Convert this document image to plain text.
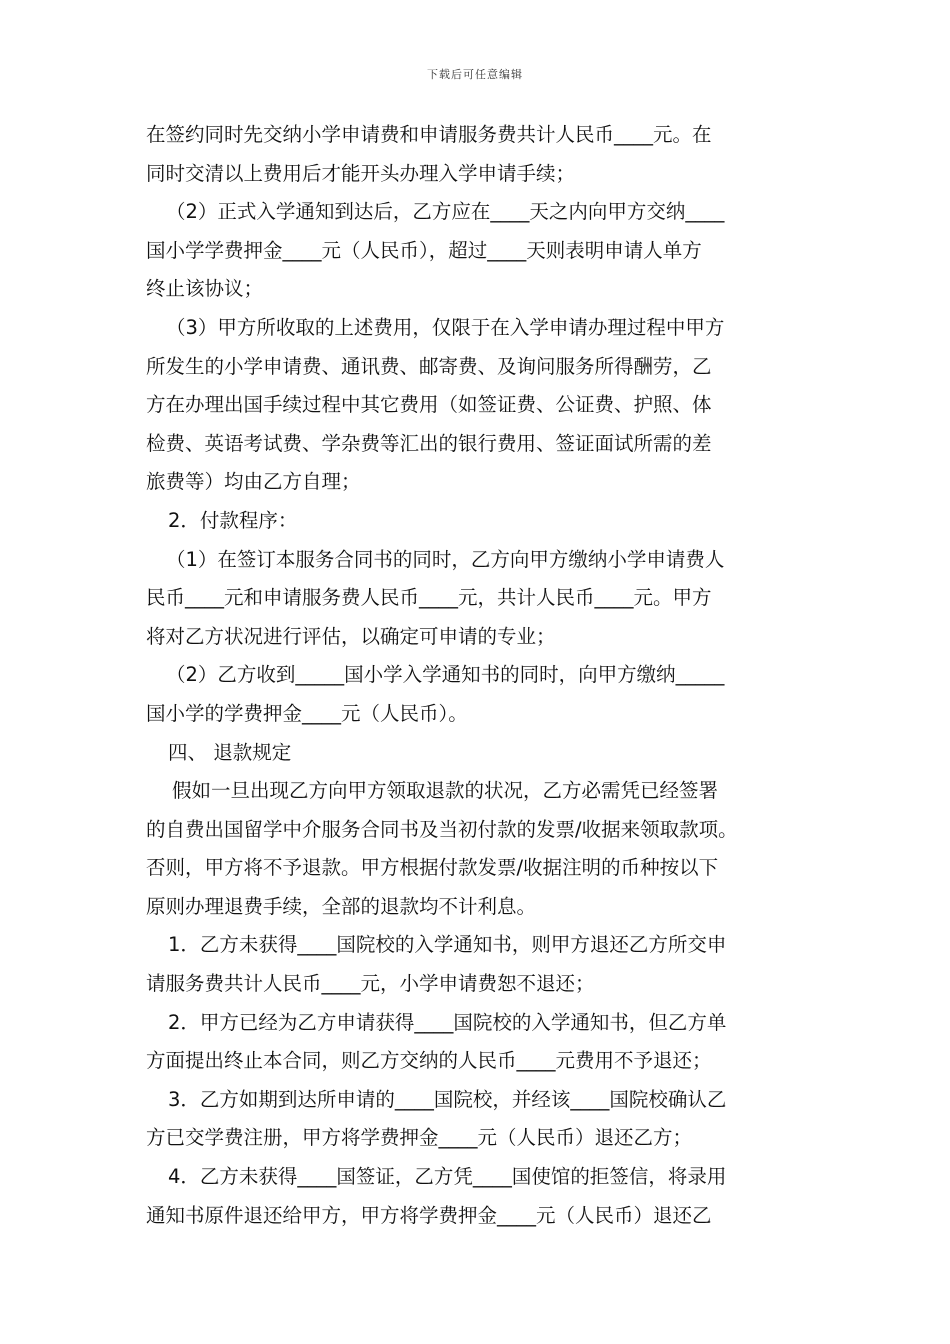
下载后可任意编辑
在签约同时先交纳小学申请费和申请服务费共计人民币____元。在
同时交清以上费用后才能开头办理入学申请手续；
（2）正式入学通知到达后，乙方应在____天之内向甲方交纳____
国小学学费押金____元（人民币），超过____天则表明申请人单方
终止该协议；
（3）甲方所收取的上述费用，仅限于在入学申请办理过程中甲方
所发生的小学申请费、通讯费、邮寄费、及询问服务所得酬劳，乙
方在办理出国手续过程中其它费用（如签证费、公证费、护照、体
检费、英语考试费、学杂费等汇出的银行费用、签证面试所需的差
旅费等）均由乙方自理；
2．付款程序：
（1）在签订本服务合同书的同时，乙方向甲方缴纳小学申请费人
民币____元和申请服务费人民币____元，共计人民币____元。甲方
将对乙方状况进行评估，以确定可申请的专业；
（2）乙方收到_____国小学入学通知书的同时，向甲方缴纳_____
国小学的学费押金____元（人民币）。
四、 退款规定
假如一旦出现乙方向甲方领取退款的状况，乙方必需凭已经签署
的自费出国留学中介服务合同书及当初付款的发票/收据来领取款项。
否则，甲方将不予退款。甲方根据付款发票/收据注明的币种按以下
原则办理退费手续，全部的退款均不计利息。
1．乙方未获得____国院校的入学通知书，则甲方退还乙方所交申
请服务费共计人民币____元，小学申请费恕不退还；
2．甲方已经为乙方申请获得____国院校的入学通知书，但乙方单
方面提出终止本合同，则乙方交纳的人民币____元费用不予退还；
3．乙方如期到达所申请的____国院校，并经该____国院校确认乙
方已交学费注册，甲方将学费押金____元（人民币）退还乙方；
4．乙方未获得____国签证，乙方凭____国使馆的拒签信，将录用
通知书原件退还给甲方，甲方将学费押金____元（人民币）退还乙
